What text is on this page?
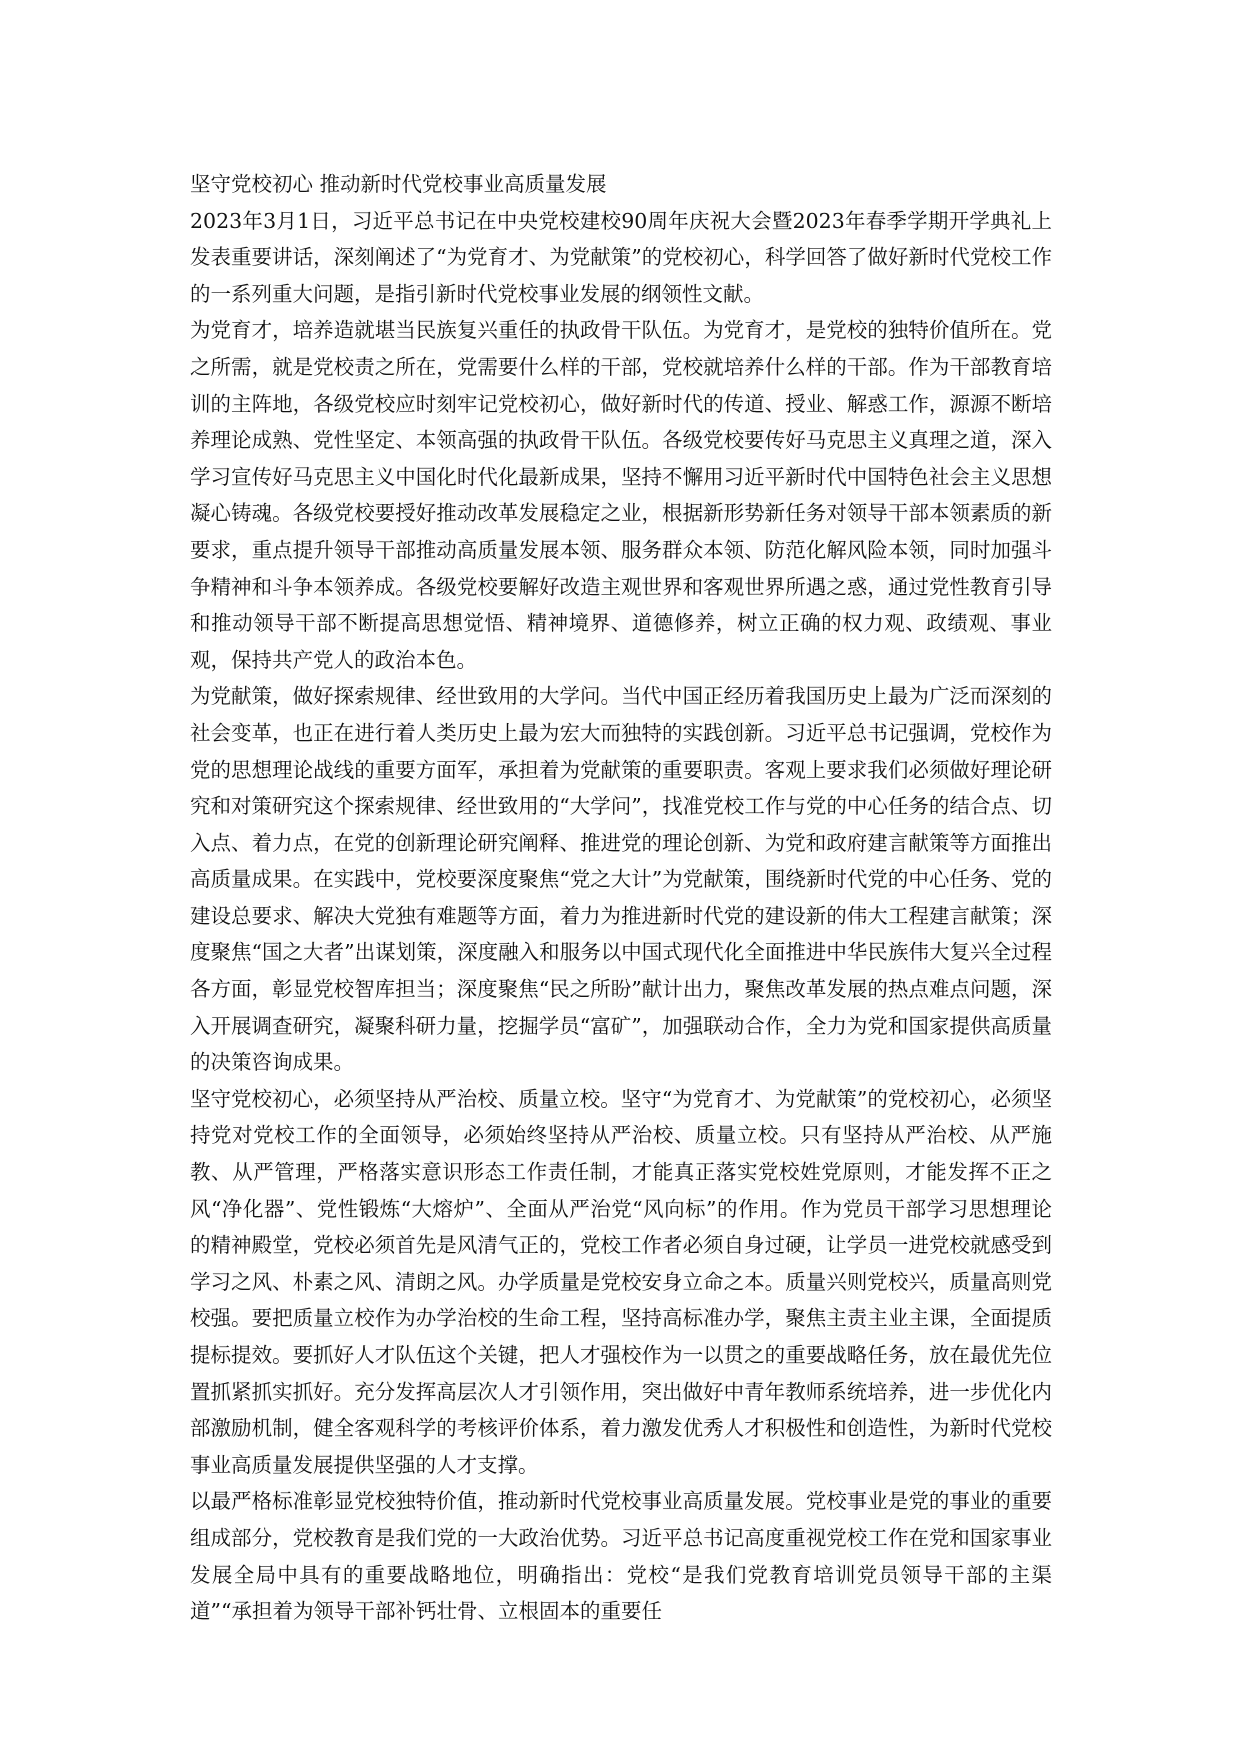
坚守党校初心 推动新时代党校事业高质量发展

2023年3月1日，习近平总书记在中央党校建校90周年庆祝大会暨2023年春季学期开学典礼上发表重要讲话，深刻阐述了“为党育才、为党献策”的党校初心，科学回答了做好新时代党校工作的一系列重大问题，是指引新时代党校事业发展的纲领性文献。

为党育才，培养造就堪当民族复兴重任的执政骨干队伍。为党育才，是党校的独特价值所在。党之所需，就是党校责之所在，党需要什么样的干部，党校就培养什么样的干部。作为干部教育培训的主阵地，各级党校应时刻牢记党校初心，做好新时代的传道、授业、解惑工作，源源不断培养理论成熟、党性坚定、本领高强的执政骨干队伍。各级党校要传好马克思主义真理之道，深入学习宣传好马克思主义中国化时代化最新成果，坚持不懈用习近平新时代中国特色社会主义思想凝心铸魂。各级党校要授好推动改革发展稳定之业，根据新形势新任务对领导干部本领素质的新要求，重点提升领导干部推动高质量发展本领、服务群众本领、防范化解风险本领，同时加强斗争精神和斗争本领养成。各级党校要解好改造主观世界和客观世界所遇之惑，通过党性教育引导和推动领导干部不断提高思想觉悟、精神境界、道德修养，树立正确的权力观、政绩观、事业观，保持共产党人的政治本色。

为党献策，做好探索规律、经世致用的大学问。当代中国正经历着我国历史上最为广泛而深刻的社会变革，也正在进行着人类历史上最为宏大而独特的实践创新。习近平总书记强调，党校作为党的思想理论战线的重要方面军，承担着为党献策的重要职责。客观上要求我们必须做好理论研究和对策研究这个探索规律、经世致用的“大学问”，找准党校工作与党的中心任务的结合点、切入点、着力点，在党的创新理论研究阐释、推进党的理论创新、为党和政府建言献策等方面推出高质量成果。在实践中，党校要深度聚焦“党之大计”为党献策，围绕新时代党的中心任务、党的建设总要求、解决大党独有难题等方面，着力为推进新时代党的建设新的伟大工程建言献策；深度聚焦“国之大者”出谋划策，深度融入和服务以中国式现代化全面推进中华民族伟大复兴全过程各方面，彰显党校智库担当；深度聚焦“民之所盼”献计出力，聚焦改革发展的热点难点问题，深入开展调查研究，凝聚科研力量，挖掘学员“富矿”，加强联动合作，全力为党和国家提供高质量的决策咨询成果。

坚守党校初心，必须坚持从严治校、质量立校。坚守“为党育才、为党献策”的党校初心，必须坚持党对党校工作的全面领导，必须始终坚持从严治校、质量立校。只有坚持从严治校、从严施教、从严管理，严格落实意识形态工作责任制，才能真正落实党校姓党原则，才能发挥不正之风“净化器”、党性锻炼“大熔炉”、全面从严治党“风向标”的作用。作为党员干部学习思想理论的精神殿堂，党校必须首先是风清气正的，党校工作者必须自身过硬，让学员一进党校就感受到学习之风、朴素之风、清朗之风。办学质量是党校安身立命之本。质量兴则党校兴，质量高则党校强。要把质量立校作为办学治校的生命工程，坚持高标准办学，聚焦主责主业主课，全面提质提标提效。要抓好人才队伍这个关键，把人才强校作为一以贯之的重要战略任务，放在最优先位置抓紧抓实抓好。充分发挥高层次人才引领作用，突出做好中青年教师系统培养，进一步优化内部激励机制，健全客观科学的考核评价体系，着力激发优秀人才积极性和创造性，为新时代党校事业高质量发展提供坚强的人才支撑。

以最严格标准彰显党校独特价值，推动新时代党校事业高质量发展。党校事业是党的事业的重要组成部分，党校教育是我们党的一大政治优势。习近平总书记高度重视党校工作在党和国家事业发展全局中具有的重要战略地位，明确指出：党校“是我们党教育培训党员领导干部的主渠道”“承担着为领导干部补钙壮骨、立根固本的重要任
